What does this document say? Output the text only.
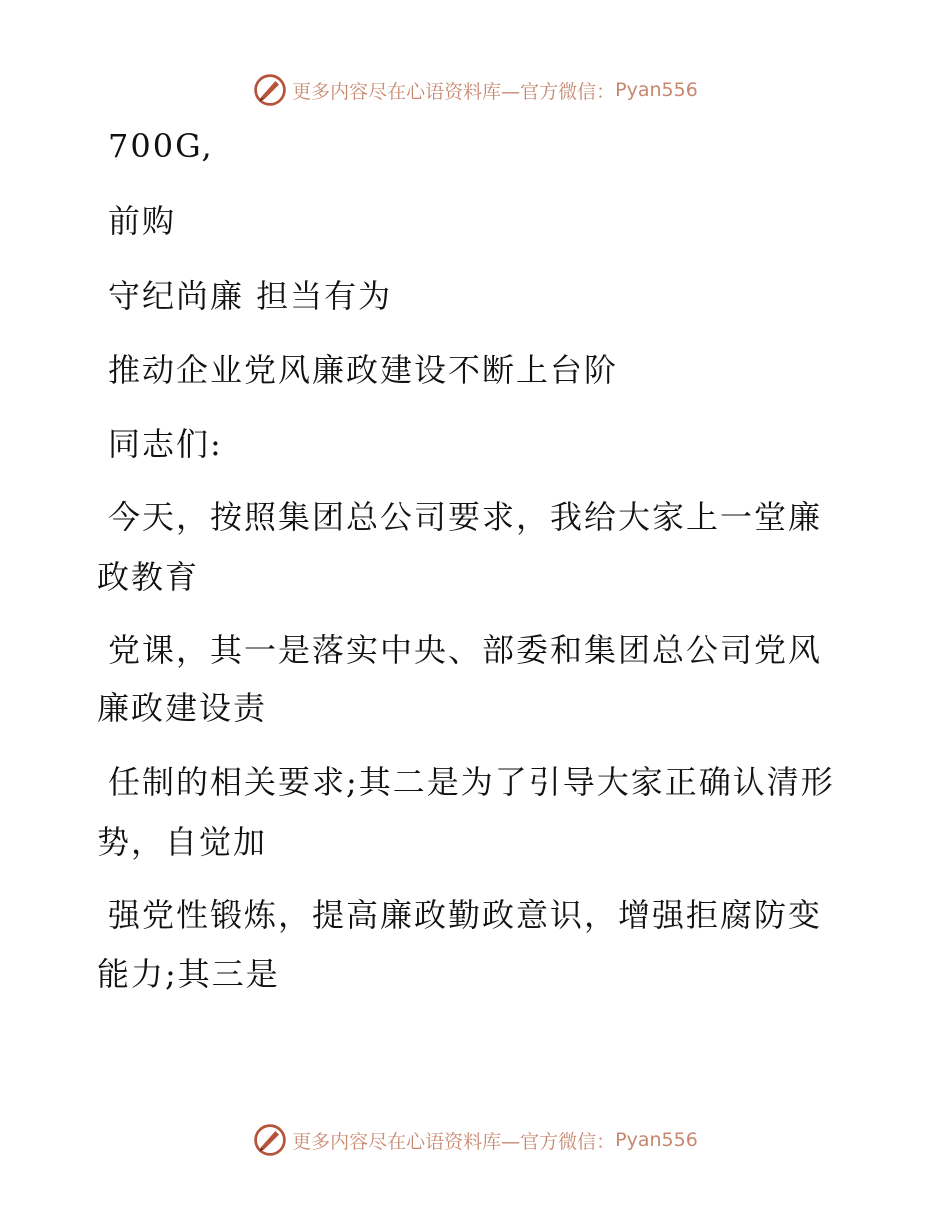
更多内容尽在心语资料库—官方微信： Pyan556
700G,
前购
守纪尚廉 担当有为
推动企业党风廉政建设不断上台阶
同志们:
今天，按照集团总公司要求，我给大家上一堂廉
政教育
党课，其一是落实中央、部委和集团总公司党风
廉政建设责
任制的相关要求;其二是为了引导大家正确认清形
势，自觉加
强党性锻炼，提高廉政勤政意识，增强拒腐防变
能力;其三是
更多内容尽在心语资料库—官方微信： Pyan556
